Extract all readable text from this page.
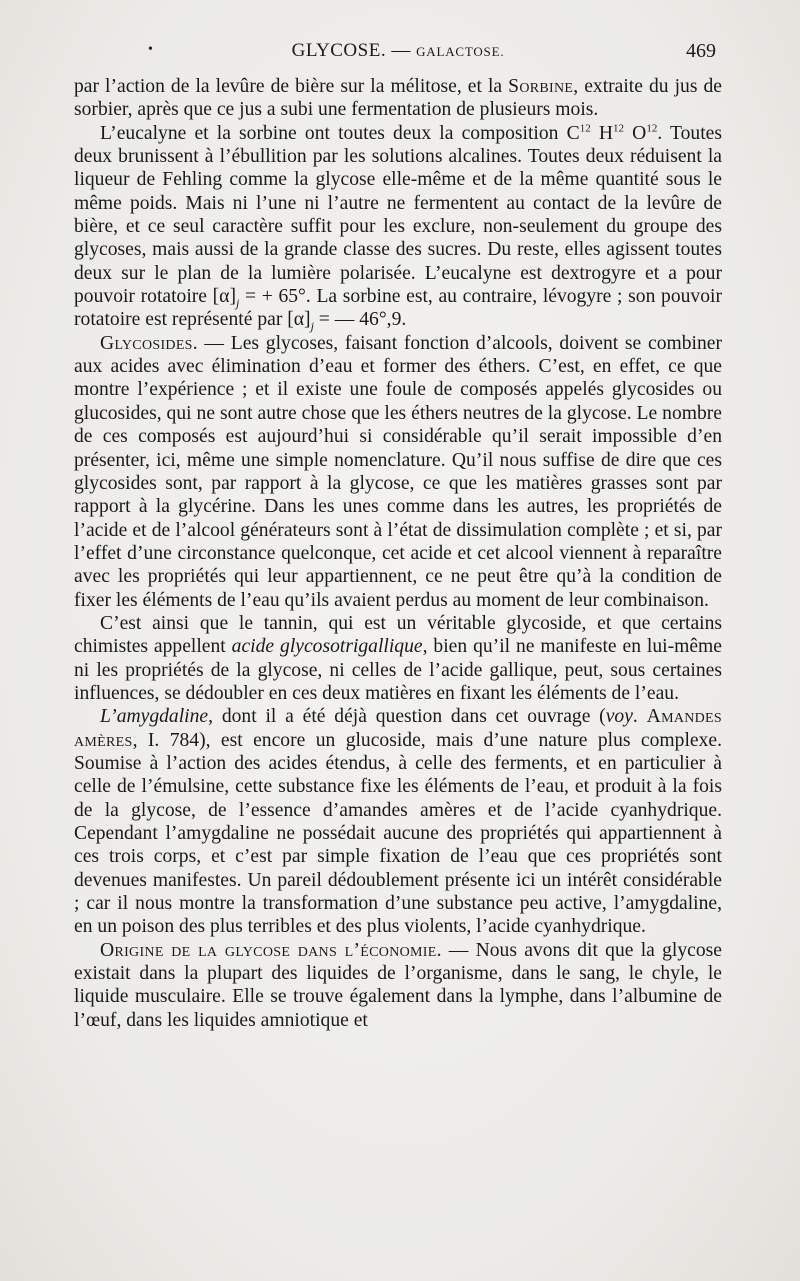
•	GLYCOSE. — GALACTOSE.	469

par l’action de la levûre de bière sur la mélitose, et la Sorbine, extraite du jus de sorbier, après que ce jus a subi une fermentation de plusieurs mois.

L’eucalyne et la sorbine ont toutes deux la composition $C^{12}$ $H^{12}$ $O^{12}$. Toutes deux brunissent à l’ébullition par les solutions alcalines. Toutes deux réduisent la liqueur de Fehling comme la glycose elle-même et de la même quantité sous le même poids. Mais ni l’une ni l’autre ne fermentent au contact de la levûre de bière, et ce seul caractère suffit pour les exclure, non-seulement du groupe des glycoses, mais aussi de la grande classe des sucres. Du reste, elles agissent toutes deux sur le plan de la lumière polarisée. L’eucalyne est dextrogyre et a pour pouvoir rotatoire $[\alpha]_j$ = + 65°. La sorbine est, au contraire, lévogyre ; son pouvoir rotatoire est représenté par $[\alpha]_j$ = — 46°,9.

Glycosides. — Les glycoses, faisant fonction d’alcools, doivent se combiner aux acides avec élimination d’eau et former des éthers. C’est, en effet, ce que montre l’expérience ; et il existe une foule de composés appelés glycosides ou glucosides, qui ne sont autre chose que les éthers neutres de la glycose. Le nombre de ces composés est aujourd’hui si considérable qu’il serait impossible d’en présenter, ici, même une simple nomenclature. Qu’il nous suffise de dire que ces glycosides sont, par rapport à la glycose, ce que les matières grasses sont par rapport à la glycérine. Dans les unes comme dans les autres, les propriétés de l’acide et de l’alcool générateurs sont à l’état de dissimulation complète ; et si, par l’effet d’une circonstance quelconque, cet acide et cet alcool viennent à reparaître avec les propriétés qui leur appartiennent, ce ne peut être qu’à la condition de fixer les éléments de l’eau qu’ils avaient perdus au moment de leur combinaison.

C’est ainsi que le tannin, qui est un véritable glycoside, et que certains chimistes appellent acide glycosotrigallique, bien qu’il ne manifeste en lui-même ni les propriétés de la glycose, ni celles de l’acide gallique, peut, sous certaines influences, se dédoubler en ces deux matières en fixant les éléments de l’eau.

L’amygdaline, dont il a été déjà question dans cet ouvrage (voy. Amandes amères, I. 784), est encore un glucoside, mais d’une nature plus complexe. Soumise à l’action des acides étendus, à celle des ferments, et en particulier à celle de l’émulsine, cette substance fixe les éléments de l’eau, et produit à la fois de la glycose, de l’essence d’amandes amères et de l’acide cyanhydrique. Cependant l’amygdaline ne possédait aucune des propriétés qui appartiennent à ces trois corps, et c’est par simple fixation de l’eau que ces propriétés sont devenues manifestes. Un pareil dédoublement présente ici un intérêt considérable ; car il nous montre la transformation d’une substance peu active, l’amygdaline, en un poison des plus terribles et des plus violents, l’acide cyanhydrique.

Origine de la glycose dans l’économie. — Nous avons dit que la glycose existait dans la plupart des liquides de l’organisme, dans le sang, le chyle, le liquide musculaire. Elle se trouve également dans la lymphe, dans l’albumine de l’œuf, dans les liquides amniotique et
